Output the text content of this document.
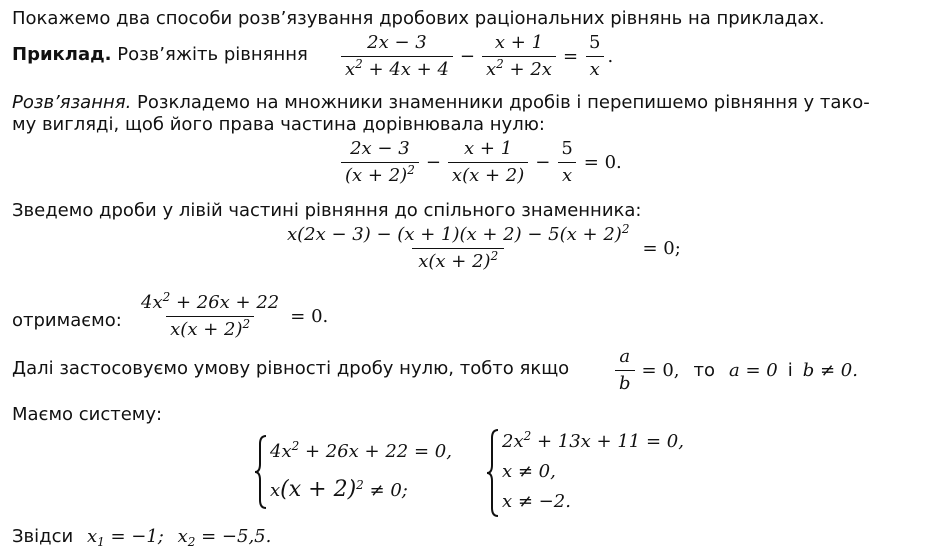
Покажемо два способи розв’язування дробових раціональних рівнянь на прикладах.
Приклад. Розв’яжіть рівняння $\frac{2x - 3}{x^2 + 4x + 4} - \frac{x + 1}{x^2 + 2x} = \frac{5}{x}$ .
Розв’язання. Розкладемо на множники знаменники дробів і перепишемо рівняння у тако-
му вигляді, щоб його права частина дорівнювала нулю:
$\frac{2x - 3}{(x + 2)^2} - \frac{x + 1}{x(x + 2)} - \frac{5}{x} = 0$.
Зведемо дроби у лівій частині рівняння до спільного знаменника:
$\frac{x(2x - 3) - (x + 1)(x + 2) - 5(x + 2)^2}{x(x + 2)^2} = 0$;
отримаємо: $\frac{4x^2 + 26x + 22}{x(x + 2)^2} = 0$.
Далі застосовуємо умову рівності дробу нулю, тобто якщо	$\frac{a}{b} = 0$, то a = 0 і b ≠ 0.
Маємо систему:
$4x^2 + 26x + 22 = 0$,
$x(x + 2)^2 \ne 0$;
$2x^2 + 13x + 11 = 0$,
x ≠ 0,
x ≠ −2.
Звідси $x_1 = -1$; $x_2 = -5,5$.
